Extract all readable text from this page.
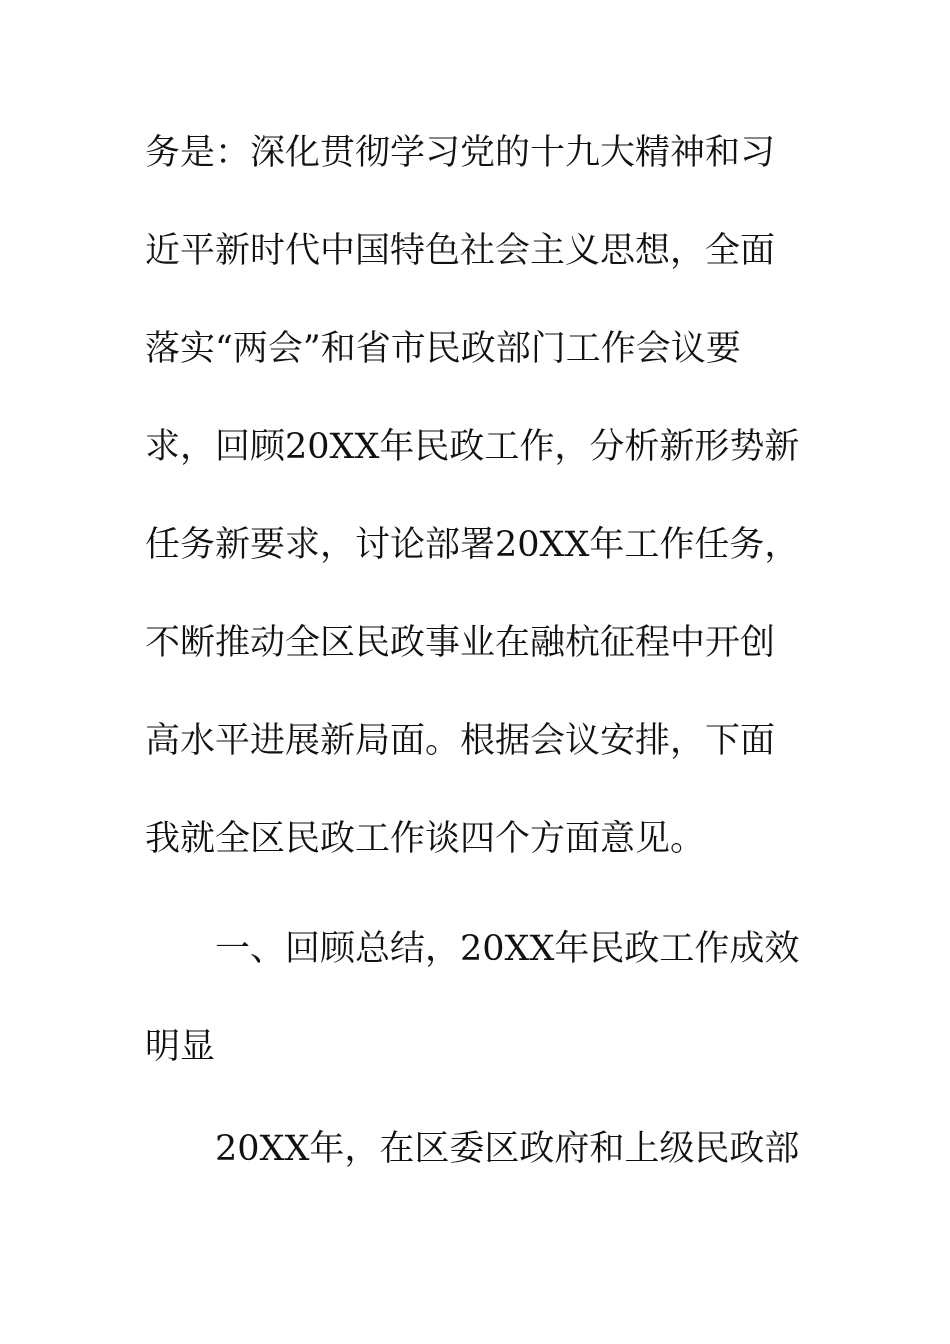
务是：深化贯彻学习党的十九大精神和习
近平新时代中国特色社会主义思想，全面
落实“两会”和省市民政部门工作会议要
求，回顾20XX年民政工作，分析新形势新
任务新要求，讨论部署20XX年工作任务，
不断推动全区民政事业在融杭征程中开创
高水平进展新局面。根据会议安排，下面
我就全区民政工作谈四个方面意见。
一、回顾总结，20XX年民政工作成效
明显
20XX年，在区委区政府和上级民政部
